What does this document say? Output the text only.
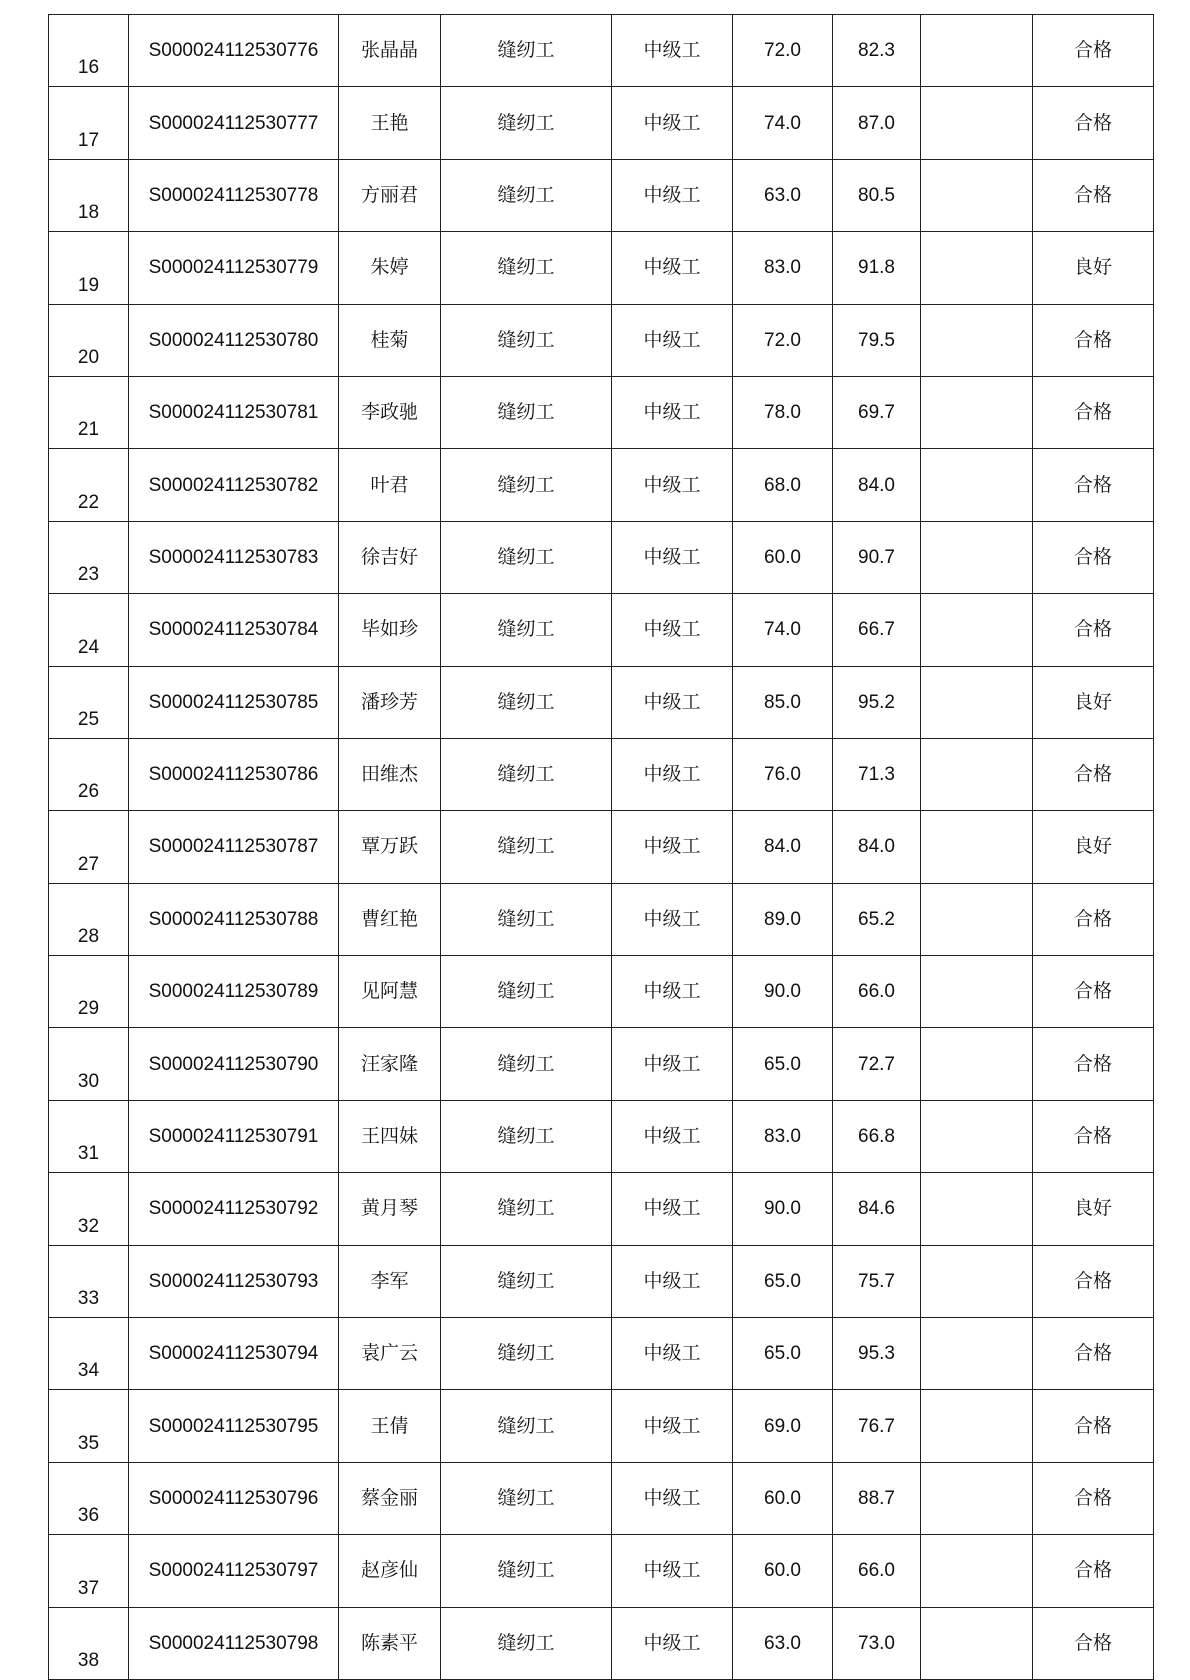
16	S000024112530776	张晶晶	缝纫工	中级工	72.0	82.3		合格
17	S000024112530777	王艳	缝纫工	中级工	74.0	87.0		合格
18	S000024112530778	方丽君	缝纫工	中级工	63.0	80.5		合格
19	S000024112530779	朱婷	缝纫工	中级工	83.0	91.8		良好
20	S000024112530780	桂菊	缝纫工	中级工	72.0	79.5		合格
21	S000024112530781	李政驰	缝纫工	中级工	78.0	69.7		合格
22	S000024112530782	叶君	缝纫工	中级工	68.0	84.0		合格
23	S000024112530783	徐吉好	缝纫工	中级工	60.0	90.7		合格
24	S000024112530784	毕如珍	缝纫工	中级工	74.0	66.7		合格
25	S000024112530785	潘珍芳	缝纫工	中级工	85.0	95.2		良好
26	S000024112530786	田维杰	缝纫工	中级工	76.0	71.3		合格
27	S000024112530787	覃万跃	缝纫工	中级工	84.0	84.0		良好
28	S000024112530788	曹红艳	缝纫工	中级工	89.0	65.2		合格
29	S000024112530789	见阿慧	缝纫工	中级工	90.0	66.0		合格
30	S000024112530790	汪家隆	缝纫工	中级工	65.0	72.7		合格
31	S000024112530791	王四妹	缝纫工	中级工	83.0	66.8		合格
32	S000024112530792	黄月琴	缝纫工	中级工	90.0	84.6		良好
33	S000024112530793	李军	缝纫工	中级工	65.0	75.7		合格
34	S000024112530794	袁广云	缝纫工	中级工	65.0	95.3		合格
35	S000024112530795	王倩	缝纫工	中级工	69.0	76.7		合格
36	S000024112530796	蔡金丽	缝纫工	中级工	60.0	88.7		合格
37	S000024112530797	赵彦仙	缝纫工	中级工	60.0	66.0		合格
38	S000024112530798	陈素平	缝纫工	中级工	63.0	73.0		合格
